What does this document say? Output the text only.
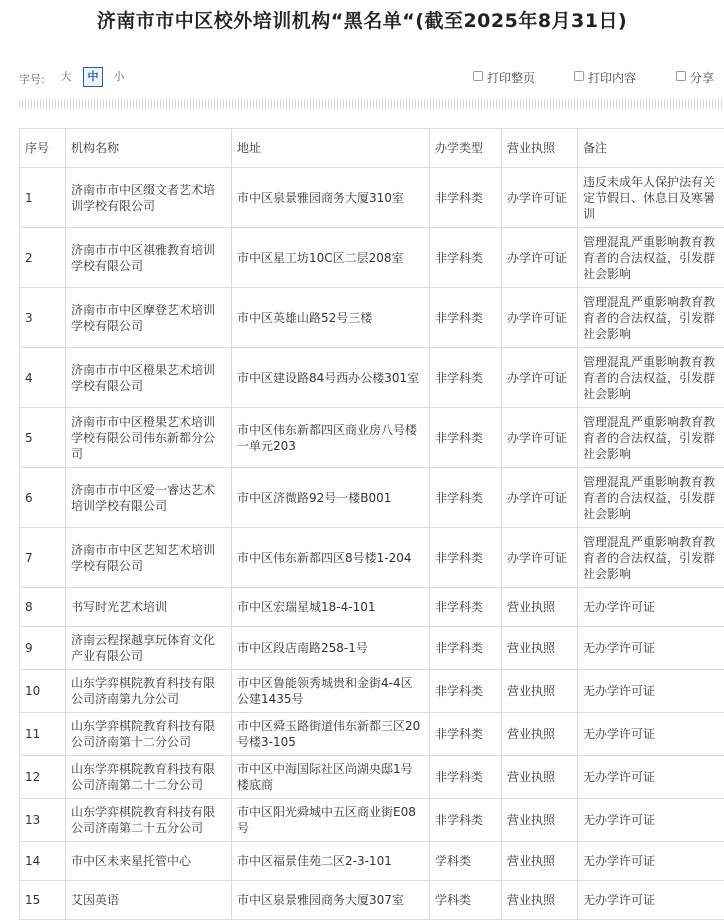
济南市市中区校外培训机构“黑名单“(截至2025年8月31日)
字号:	大	中	小	打印整页	打印内容	分享
序号	机构名称	地址	办学类型	营业执照	备注
1	济南市市中区缀文者艺术培训学校有限公司	市中区泉景雅园商务大厦310室	非学科类	办学许可证	违反未成年人保护法有关
定节假日、休息日及寒暑
训

2	济南市市中区祺雅教育培训学校有限公司	市中区星工坊10C区二层208室	非学科类	办学许可证	管理混乱严重影响教育教
育者的合法权益，引发群
社会影响

3	济南市市中区摩登艺术培训学校有限公司	市中区英雄山路52号三楼	非学科类	办学许可证	管理混乱严重影响教育教
育者的合法权益，引发群
社会影响

4	济南市市中区橙果艺术培训学校有限公司	市中区建设路84号西办公楼301室	非学科类	办学许可证	管理混乱严重影响教育教
育者的合法权益，引发群
社会影响

5	济南市市中区橙果艺术培训学校有限公司伟东新都分公司	市中区伟东新都四区商业房八号楼一单元203	非学科类	办学许可证	管理混乱严重影响教育教
育者的合法权益，引发群
社会影响

6	济南市市中区爱一睿达艺术培训学校有限公司	市中区济微路92号一楼B001	非学科类	办学许可证	管理混乱严重影响教育教
育者的合法权益，引发群
社会影响

7	济南市市中区艺知艺术培训学校有限公司	市中区伟东新都四区8号楼1-204	非学科类	办学许可证	管理混乱严重影响教育教
育者的合法权益，引发群
社会影响

8	书写时光艺术培训	市中区宏瑞星城18-4-101	非学科类	营业执照	无办学许可证

9	济南云程探越享玩体育文化产业有限公司	市中区段店南路258-1号	非学科类	营业执照	无办学许可证

10	山东学弈棋院教育科技有限公司济南第九分公司	市中区鲁能领秀城贵和金街4-4区公建1435号	非学科类	营业执照	无办学许可证

11	山东学弈棋院教育科技有限公司济南第十二分公司	市中区舜玉路街道伟东新都三区20号楼3-105	非学科类	营业执照	无办学许可证

12	山东学弈棋院教育科技有限公司济南第二十二分公司	市中区中海国际社区尚湖央邸1号楼底商	非学科类	营业执照	无办学许可证

13	山东学弈棋院教育科技有限公司济南第二十五分公司	市中区阳光舜城中五区商业街E08号	非学科类	营业执照	无办学许可证

14	市中区未来星托管中心	市中区福景佳苑二区2-3-101	学科类	营业执照	无办学许可证

15	艾因英语	市中区泉景雅园商务大厦307室	学科类	营业执照	无办学许可证
